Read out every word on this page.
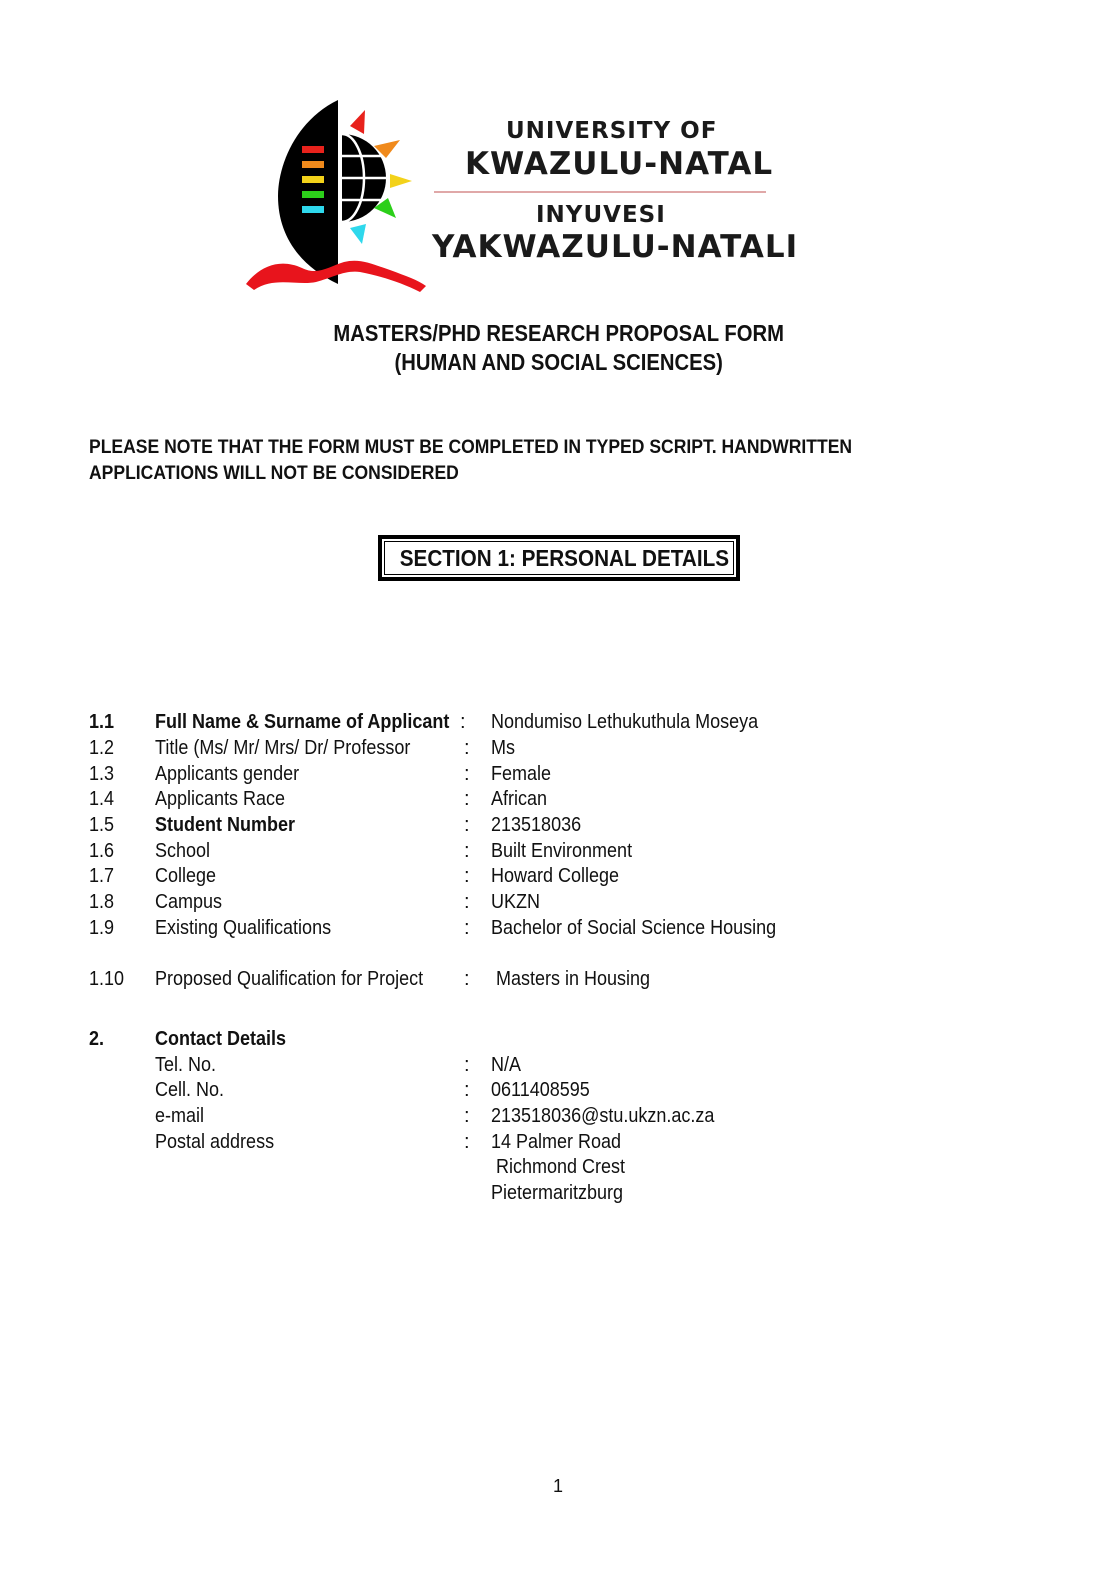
UNIVERSITY OF
KWAZULU-NATAL
INYUVESI
YAKWAZULU-NATALI
MASTERS/PHD RESEARCH PROPOSAL FORM
(HUMAN AND SOCIAL SCIENCES)
PLEASE NOTE THAT THE FORM MUST BE COMPLETED IN TYPED SCRIPT. HANDWRITTEN
APPLICATIONS WILL NOT BE CONSIDERED
SECTION 1: PERSONAL DETAILS
1.1 Full Name & Surname of Applicant : Nondumiso Lethukuthula Moseya
1.2 Title (Ms/ Mr/ Mrs/ Dr/ Professor	: Ms
1.3 Applicants gender	: Female
1.4 Applicants Race	: African
1.5 Student Number	: 213518036
1.6 School	: Built Environment
1.7 College	: Howard College
1.8 Campus	: UKZN
1.9 Existing Qualifications	: Bachelor of Social Science Housing
1.10 Proposed Qualification for Project : Masters in Housing
2.	Contact Details
Tel. No.	: N/A
Cell. No.	: 0611408595
e-mail	: 213518036@stu.ukzn.ac.za
Postal address	: 14 Palmer Road
Richmond Crest
Pietermaritzburg
1
